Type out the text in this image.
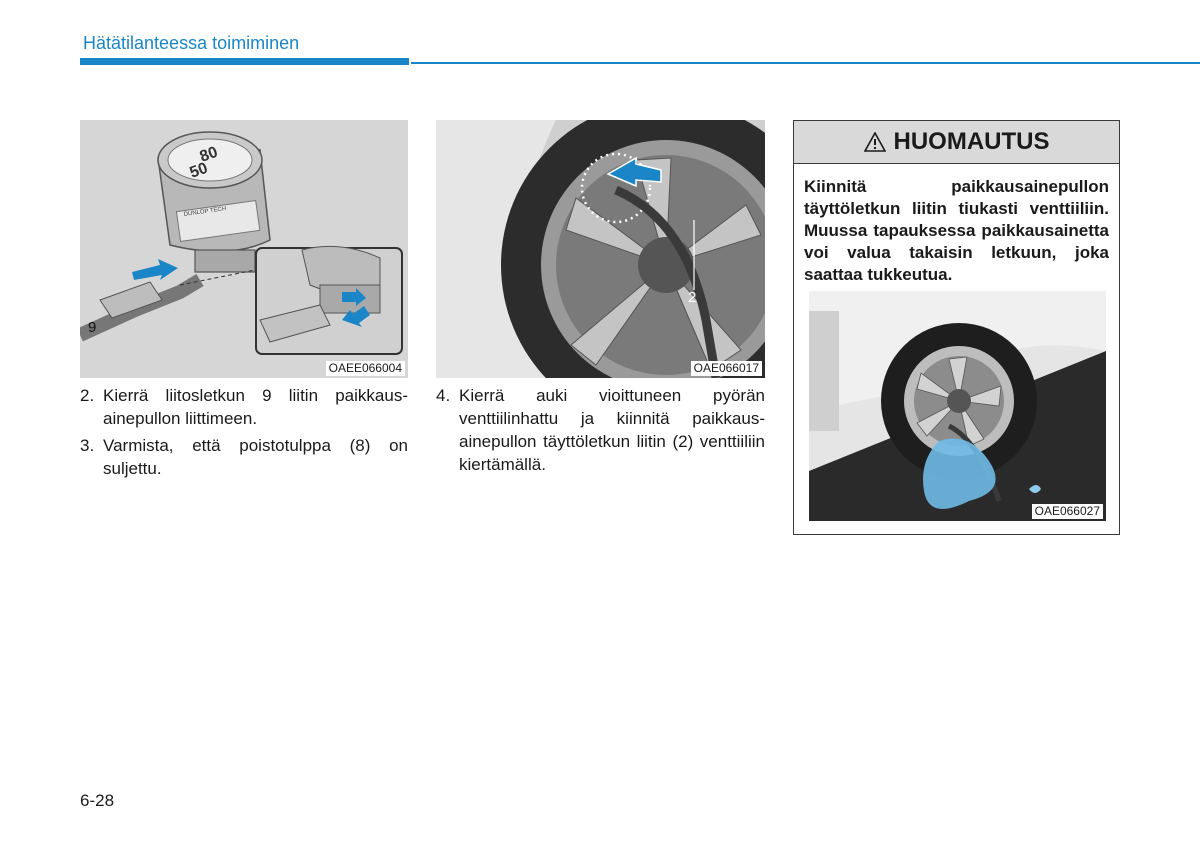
Hätätilanteessa toimiminen
80
50
DUNLOP TECH
9
OAEE066004
2
OAE066017
2. Kierrä liitosletkun 9 liitin paikkausainepullon liittimeen.
3. Varmista, että poistotulppa (8) on suljettu.
4. Kierrä auki vioittuneen pyörän venttiilinhattu ja kiinnitä paikkausainepullon täyttöletkun liitin (2) venttiiliin kiertämällä.
HUOMAUTUS
Kiinnitä paikkausainepullon täyttöletkun liitin tiukasti venttiiliin. Muussa tapauksessa paikkausainetta voi valua takaisin letkuun, joka saattaa tukkeutua.
OAE066027
6-28
